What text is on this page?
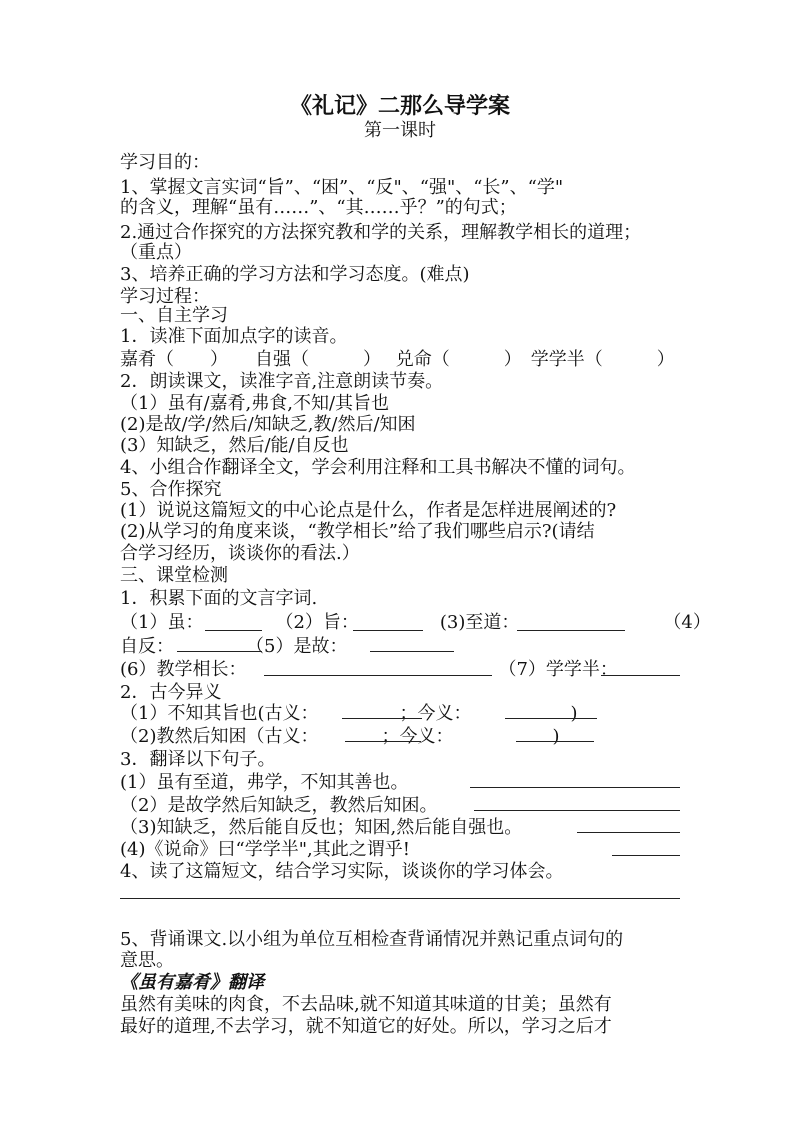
《礼记》二那么导学案
第一课时
学习目的：
1、掌握文言实词“旨”、“困”、“反"、“强"、“长”、“学"
的含义，理解“虽有……”、“其……乎？”的句式；
2.通过合作探究的方法探究教和学的关系，理解教学相长的道理；
（重点）
3、培养正确的学习方法和学习态度。(难点)
学习过程：
一、自主学习
1．读准下面加点字的读音。
嘉肴（　　）　　自强（　　　）　 兑命（　　　）　学学半（　　　）
2．朗读课文，读准字音,注意朗读节奏。
（1）虽有/嘉肴,弗食,不知/其旨也
(2)是故/学/然后/知缺乏,教/然后/知困
(3）知缺乏，然后/能/自反也
4、小组合作翻译全文，学会利用注释和工具书解决不懂的词句。
5、合作探究
(1）说说这篇短文的中心论点是什么，作者是怎样进展阐述的?
(2)从学习的角度来谈，“教学相长”给了我们哪些启示?(请结
合学习经历，谈谈你的看法.）
三、课堂检测
1．积累下面的文言字词.
（1）虽：　　　　　（2）旨：　　　　　(3)至道：　　　　　　　　　（4）
自反：　　　　　（5）是故：　　　　　　
(6）教学相长：　　　　　　　　　　　　　　　（7）学学半：
2．古今异义
（1）不知其旨也(古义：　　　　　；今义：　　　　　　)
（2)教然后知困（古义：　　　　；今义：　　　　　　)
3．翻译以下句子。
(1）虽有至道，弗学，不知其善也。
（2）是故学然后知缺乏，教然后知困。
（3)知缺乏，然后能自反也；知困,然后能自强也。
(4)《说命》曰“学学半",其此之谓乎!
4、读了这篇短文，结合学习实际，谈谈你的学习体会。
5、背诵课文.以小组为单位互相检查背诵情况并熟记重点词句的
意思。
《虽有嘉肴》翻译
虽然有美味的肉食，不去品味,就不知道其味道的甘美；虽然有
最好的道理,不去学习，就不知道它的好处。所以，学习之后才
